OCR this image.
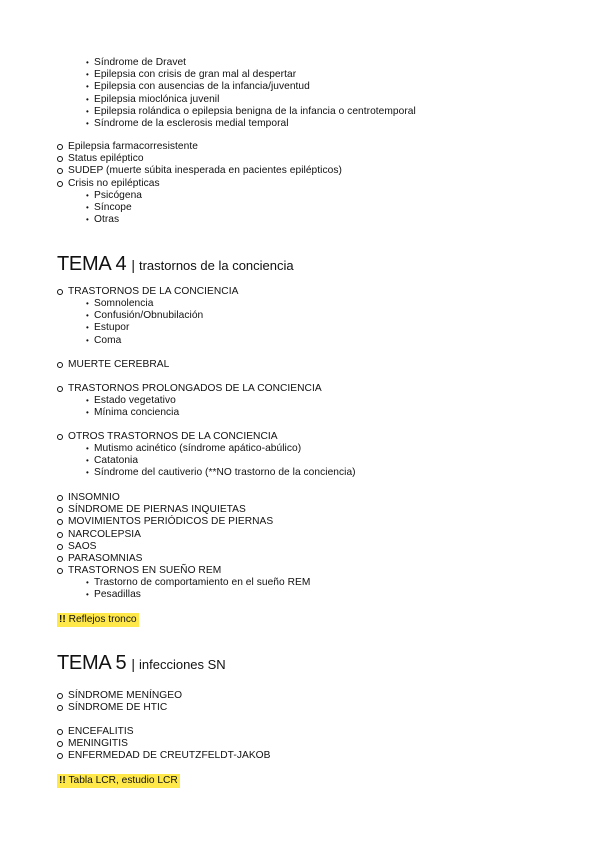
• Síndrome de Dravet
• Epilepsia con crisis de gran mal al despertar
• Epilepsia con ausencias de la infancia/juventud
• Epilepsia mioclónica juvenil
• Epilepsia rolándica o epilepsia benigna de la infancia o centrotemporal
• Síndrome de la esclerosis medial temporal
Epilepsia farmacorresistente
Status epiléptico
SUDEP (muerte súbita inesperada en pacientes epilépticos)
Crisis no epilépticas
• Psicógena
• Síncope
• Otras
TEMA 4 | trastornos de la conciencia
TRASTORNOS DE LA CONCIENCIA
• Somnolencia
• Confusión/Obnubilación
• Estupor
• Coma
MUERTE CEREBRAL
TRASTORNOS PROLONGADOS DE LA CONCIENCIA
• Estado vegetativo
• Mínima conciencia
OTROS TRASTORNOS DE LA CONCIENCIA
• Mutismo acinético (síndrome apático-abúlico)
• Catatonia
• Síndrome del cautiverio (**NO trastorno de la conciencia)
INSOMNIO
SÍNDROME DE PIERNAS INQUIETAS
MOVIMIENTOS PERIÓDICOS DE PIERNAS
NARCOLEPSIA
SAOS
PARASOMNIAS
TRASTORNOS EN SUEÑO REM
• Trastorno de comportamiento en el sueño REM
• Pesadillas
!! Reflejos tronco
TEMA 5 | infecciones SN
SÍNDROME MENÍNGEO
SÍNDROME DE HTIC
ENCEFALITIS
MENINGITIS
ENFERMEDAD DE CREUTZFELDT-JAKOB
!! Tabla LCR, estudio LCR
